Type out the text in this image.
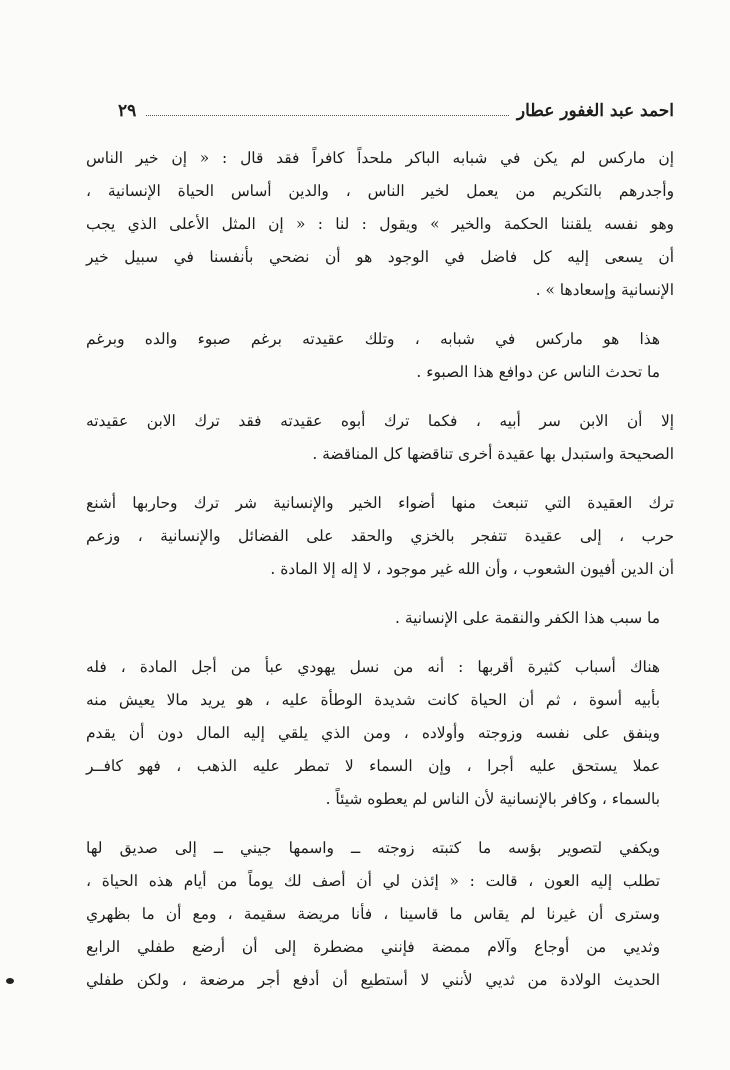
احمد عبد الغفور عطار
٢٩

إن ماركس لم يكن في شبابه الباكر ملحداً كافراً فقد قال : « إن خير الناس
وأجدرهم بالتكريم من يعمل لخير الناس ، والدين أساس الحياة الإنسانية ،
وهو نفسه يلقننا الحكمة والخير » ويقول : لنا : « إن المثل الأعلى الذي يجب
أن يسعى إليه كل فاضل في الوجود هو أن نضحي بأنفسنا في سبيل خير
الإنسانية وإسعادها » .

هذا هو ماركس في شبابه ، وتلك عقيدته برغم صبوء والده وبرغم
ما تحدث الناس عن دوافع هذا الصبوء .

إلا أن الابن سر أبيه ، فكما ترك أبوه عقيدته فقد ترك الابن عقيدته
الصحيحة واستبدل بها عقيدة أخرى تناقضها كل المناقضة .

ترك العقيدة التي تنبعث منها أضواء الخير والإنسانية شر ترك وحاربها أشنع
حرب ، إلى عقيدة تتفجر بالخزي والحقد على الفضائل والإنسانية ، وزعم
أن الدين أفيون الشعوب ، وأن الله غير موجود ، لا إله إلا المادة .

ما سبب هذا الكفر والنقمة على الإنسانية .

هناك أسباب كثيرة أقربها : أنه من نسل يهودي عبأ من أجل المادة ، فله
بأبيه أسوة ، ثم أن الحياة كانت شديدة الوطأة عليه ، هو يريد مالا يعيش منه
وينفق على نفسه وزوجته وأولاده ، ومن الذي يلقي إليه المال دون أن يقدم
عملا يستحق عليه أجرا ، وإن السماء لا تمطر عليه الذهب ، فهو كافــر
بالسماء ، وكافر بالإنسانية لأن الناس لم يعطوه شيئاً .

ويكفي لتصوير بؤسه ما كتبته زوجته ــ واسمها جيني ــ إلى صديق لها
تطلب إليه العون ، قالت : « إئذن لي أن أصف لك يوماً من أيام هذه الحياة ،
وسترى أن غيرنا لم يقاس ما قاسينا ، فأنا مريضة سقيمة ، ومع أن ما بظهري
وثديي من أوجاع وآلام ممضة فإنني مضطرة إلى أن أرضع طفلي الرابع
الحديث الولادة من ثديي لأنني لا أستطيع أن أدفع أجر مرضعة ، ولكن طفلي
